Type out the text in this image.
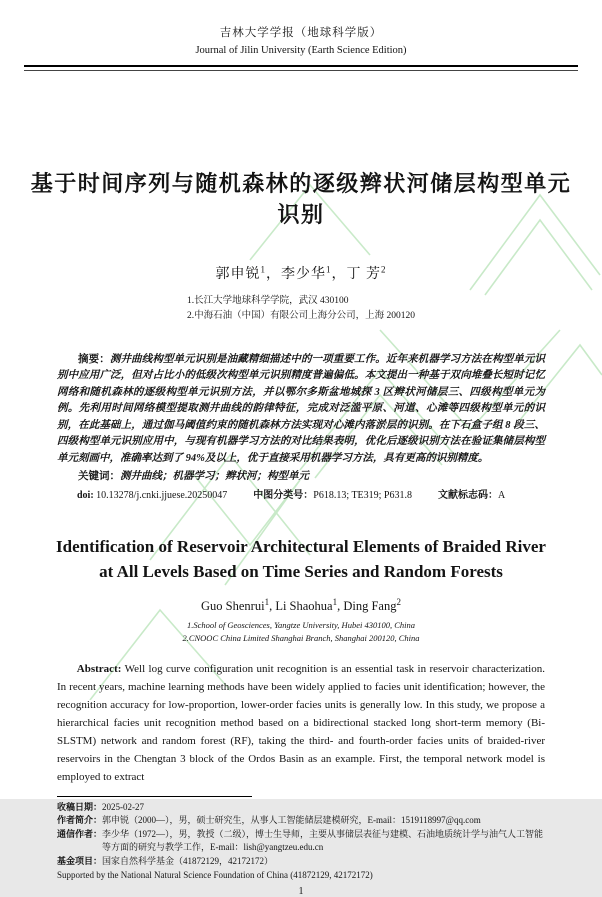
吉林大学学报（地球科学版）
Journal of Jilin University (Earth Science Edition)
基于时间序列与随机森林的逐级辫状河储层构型单元识别
郭申锐$^1$，李少华$^1$，丁 芳$^2$
1.长江大学地球科学学院，武汉 430100
2.中海石油（中国）有限公司上海分公司，上海 200120
摘要：测井曲线构型单元识别是油藏精细描述中的一项重要工作。近年来机器学习方法在构型单元识别中应用广泛，但对占比小的低级次构型单元识别精度普遍偏低。本文提出一种基于双向堆叠长短时记忆网络和随机森林的逐级构型单元识别方法，并以鄂尔多斯盆地城探 3 区辫状河储层三、四级构型单元为例。先利用时间网络模型提取测井曲线的韵律特征，完成对泛滥平原、河道、心滩等四级构型单元的识别，在此基础上，通过伽马阈值约束的随机森林方法实现对心滩内落淤层的识别。在下石盒子组 8 段三、四级构型单元识别应用中，与现有机器学习方法的对比结果表明，优化后逐级识别方法在验证集储层构型单元刻画中，准确率达到了 94%及以上，优于直接采用机器学习方法，具有更高的识别精度。
关键词：测井曲线；机器学习；辫状河；构型单元
doi: 10.13278/j.cnki.jjuese.20250047	中图分类号：P618.13; TE319; P631.8	文献标志码：A
Identification of Reservoir Architectural Elements of Braided River at All Levels Based on Time Series and Random Forests
Guo Shenrui$^1$, Li Shaohua$^1$, Ding Fang$^2$
1.School of Geosciences, Yangtze University, Hubei 430100, China
2.CNOOC China Limited Shanghai Branch, Shanghai 200120, China
Abstract: Well log curve configuration unit recognition is an essential task in reservoir characterization. In recent years, machine learning methods have been widely applied to facies unit identification; however, the recognition accuracy for low-proportion, lower-order facies units is generally low. In this study, we propose a hierarchical facies unit recognition method based on a bidirectional stacked long short-term memory (Bi-SLSTM) network and random forest (RF), taking the third- and fourth-order facies units of braided-river reservoirs in the Chengtan 3 block of the Ordos Basin as an example. First, the temporal network model is employed to extract
收稿日期： 2025-02-27
作者简介： 郭申锐（2000—），男，硕士研究生，从事人工智能储层建模研究，E-mail：1519118997@qq.com
通信作者： 李少华（1972—），男，教授（二级），博士生导师，主要从事储层表征与建模、石油地质统计学与油气人工智能等方面的研究与教学工作，E-mail：lish@yangtzeu.edu.cn
基金项目： 国家自然科学基金（41872129，42172172）
Supported by the National Natural Science Foundation of China (41872129, 42172172)
1
